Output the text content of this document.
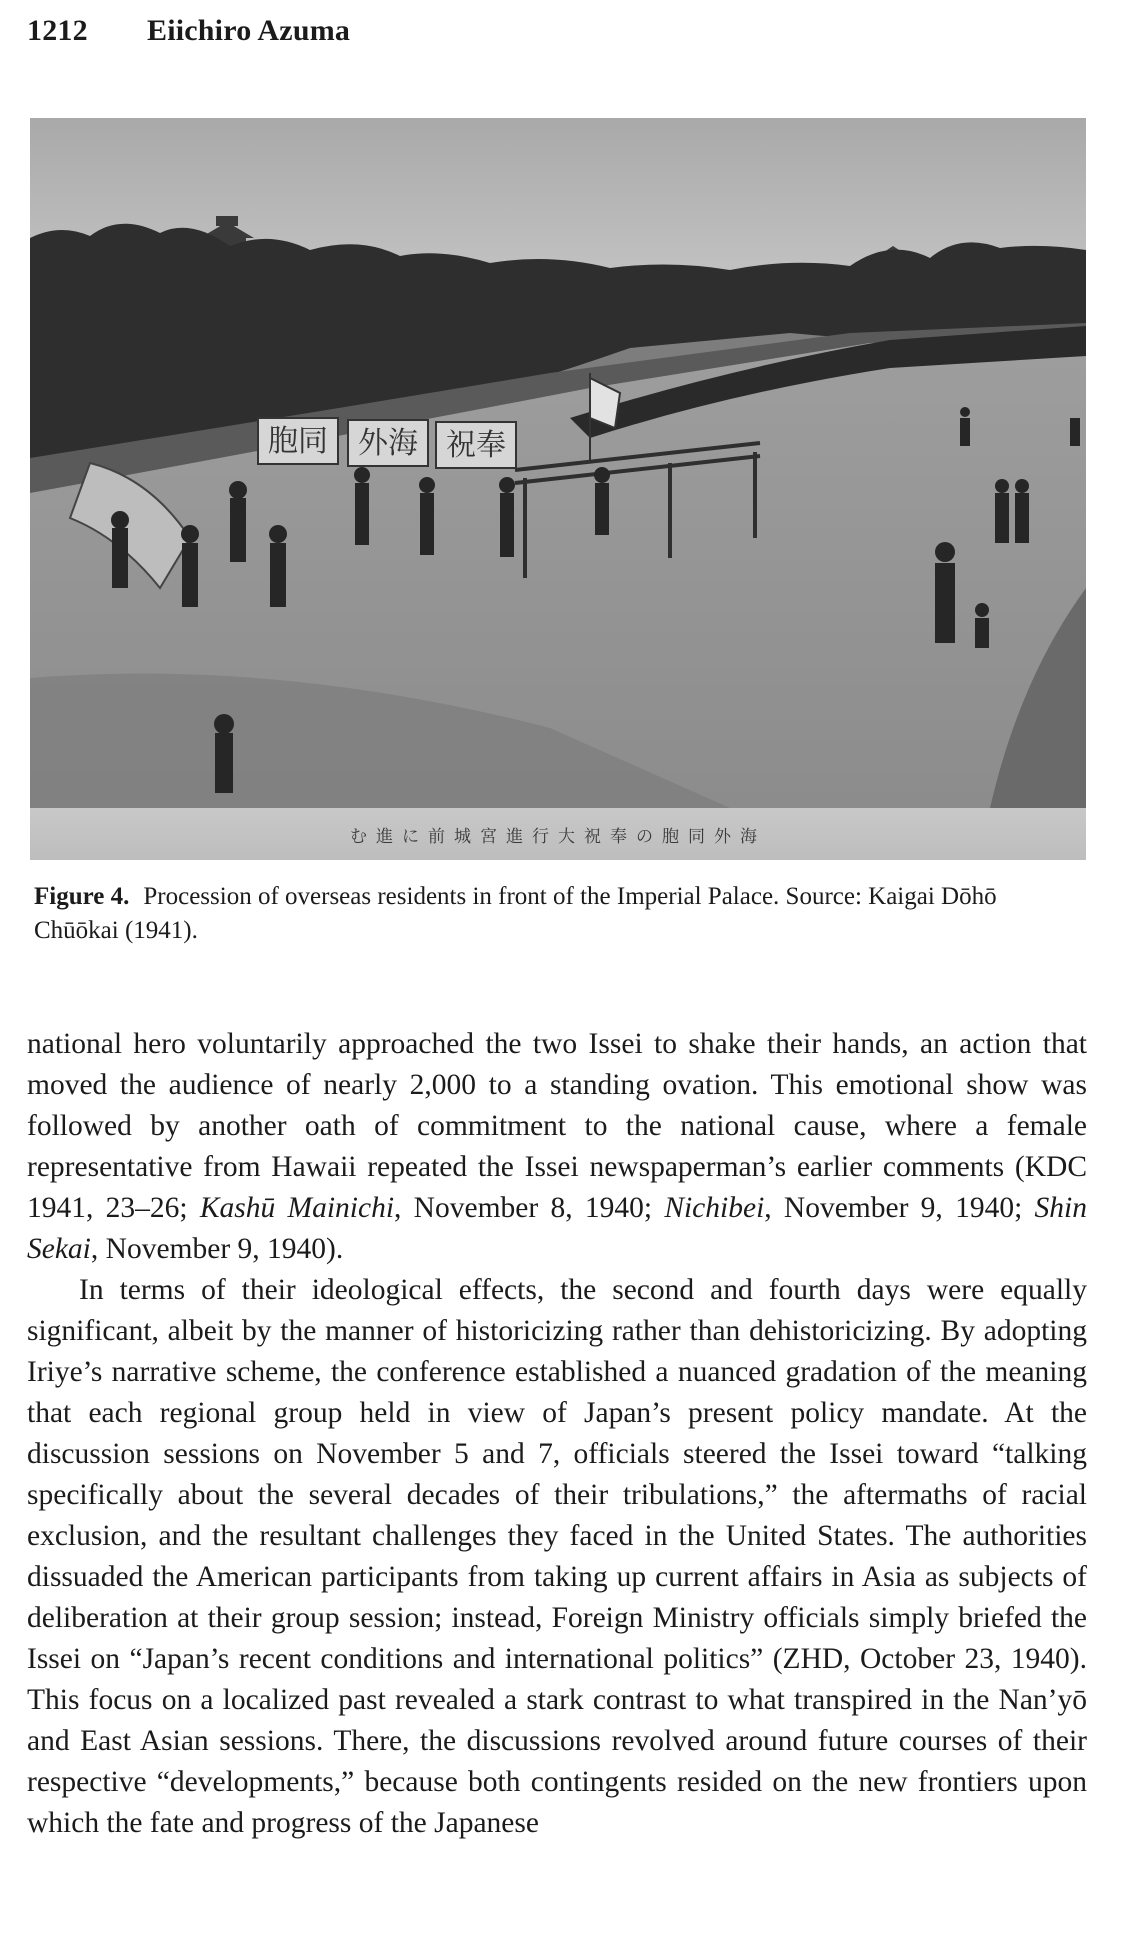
1212 Eiichiro Azuma
胞同 外海 祝奉
む進に前城宮進行大祝奉の胞同外海
Figure 4. Procession of overseas residents in front of the Imperial Palace. Source: Kaigai Dōhō Chūōkai (1941).

national hero voluntarily approached the two Issei to shake their hands, an action that moved the audience of nearly 2,000 to a standing ovation. This emotional show was followed by another oath of commitment to the national cause, where a female representative from Hawaii repeated the Issei newspaperman’s earlier comments (KDC 1941, 23–26; Kashū Mainichi, November 8, 1940; Nichibei, November 9, 1940; Shin Sekai, November 9, 1940).

In terms of their ideological effects, the second and fourth days were equally significant, albeit by the manner of historicizing rather than dehistoricizing. By adopting Iriye’s narrative scheme, the conference established a nuanced gradation of the meaning that each regional group held in view of Japan’s present policy mandate. At the discussion sessions on November 5 and 7, officials steered the Issei toward “talking specifically about the several decades of their tribulations,” the aftermaths of racial exclusion, and the resultant challenges they faced in the United States. The authorities dissuaded the American participants from taking up current affairs in Asia as subjects of deliberation at their group session; instead, Foreign Ministry officials simply briefed the Issei on “Japan’s recent conditions and international politics” (ZHD, October 23, 1940). This focus on a localized past revealed a stark contrast to what transpired in the Nan’yō and East Asian sessions. There, the discussions revolved around future courses of their respective “developments,” because both contingents resided on the new frontiers upon which the fate and progress of the Japanese
